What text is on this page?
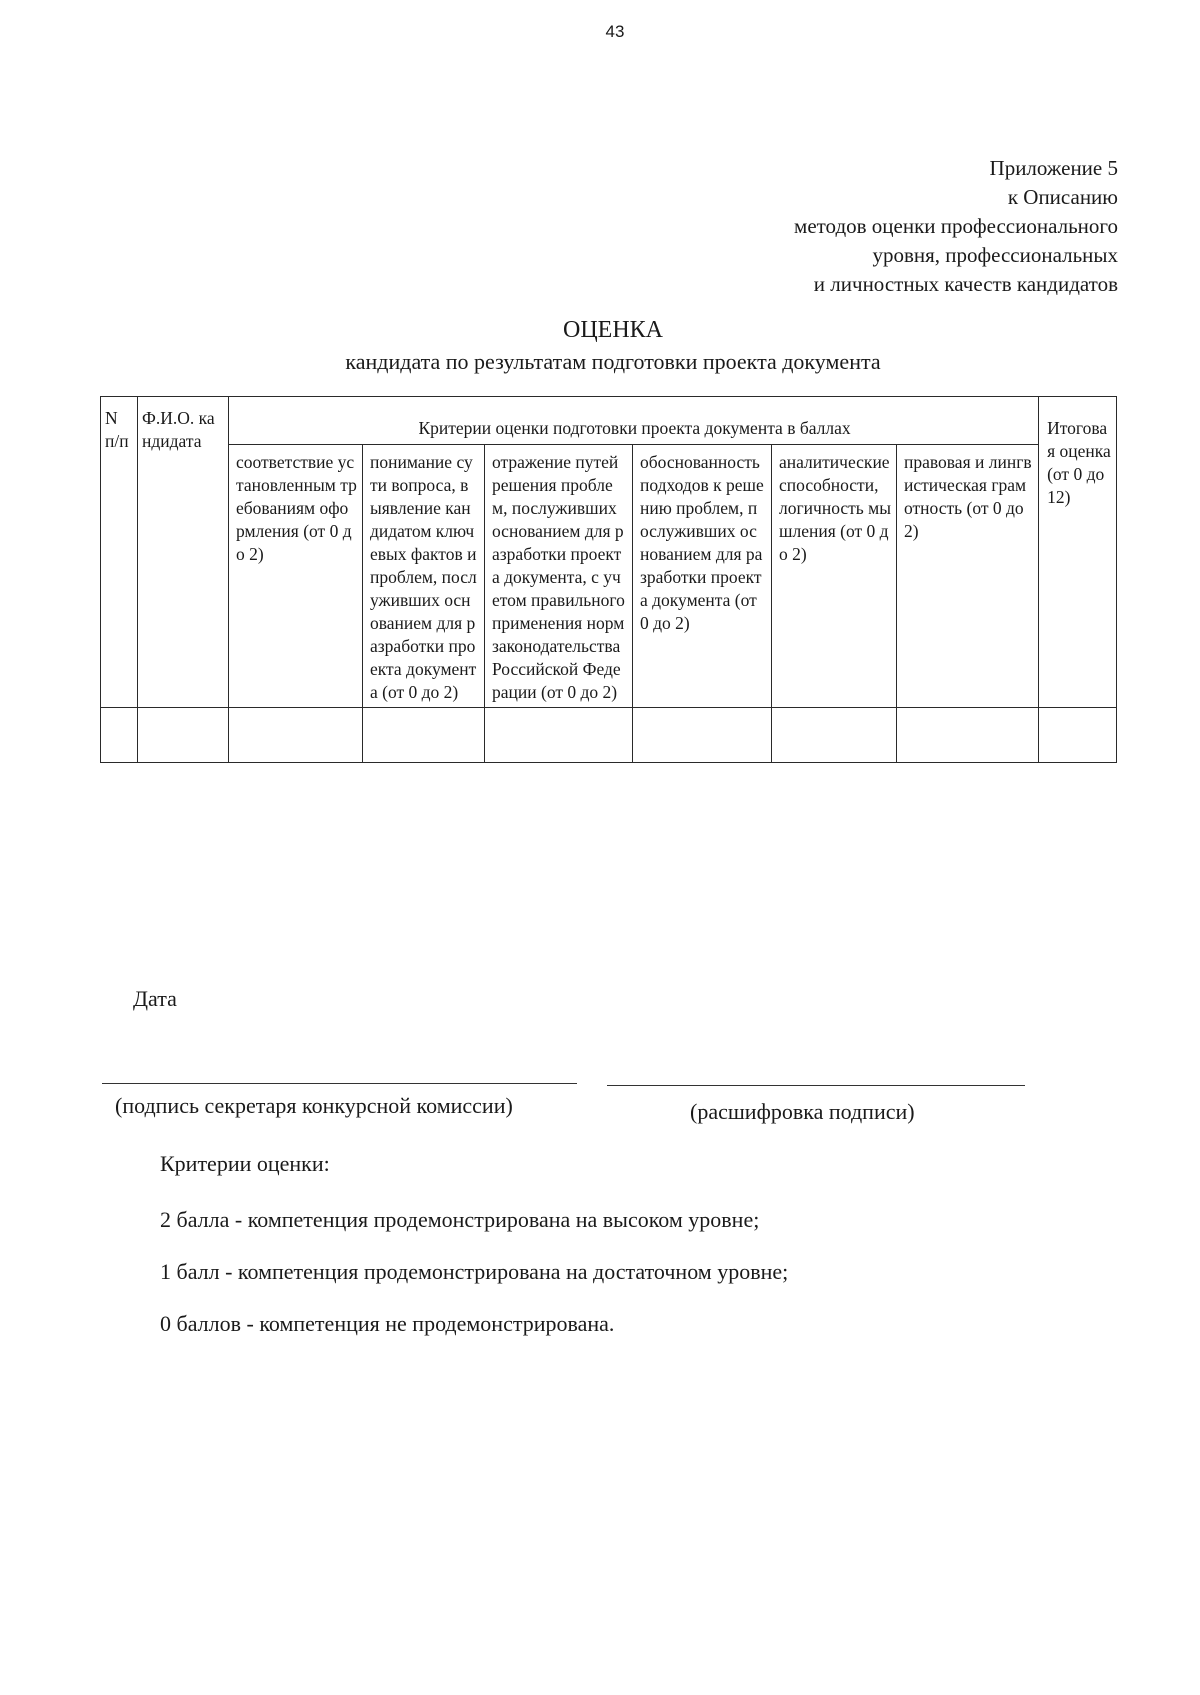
43
Приложение 5
к Описанию
методов оценки профессионального
уровня, профессиональных
и личностных качеств кандидатов
ОЦЕНКА
кандидата по результатам подготовки проекта документа
N п/п	Ф.И.О. кандидата	Критерии оценки подготовки проекта документа в баллах						Итоговая оценка (от 0 до 12)
		соответствие установленным требованиям оформления (от 0 до 2)	понимание сути вопроса, выявление кандидатом ключевых фактов и проблем, послуживших основанием для разработки проекта документа (от 0 до 2)	отражение путей решения проблем, послуживших основанием для разработки проекта документа, с учетом правильного применения норм законодательства Российской Федерации (от 0 до 2)	обоснованность подходов к решению проблем, послуживших основанием для разработки проекта документа (от 0 до 2)	аналитические способности, логичность мышления (от 0 до 2)	правовая и лингвистическая грамотность (от 0 до 2)	

Дата
(подпись секретаря конкурсной комиссии)	(расшифровка подписи)

Критерии оценки:

2 балла - компетенция продемонстрирована на высоком уровне;

1 балл - компетенция продемонстрирована на достаточном уровне;

0 баллов - компетенция не продемонстрирована.
